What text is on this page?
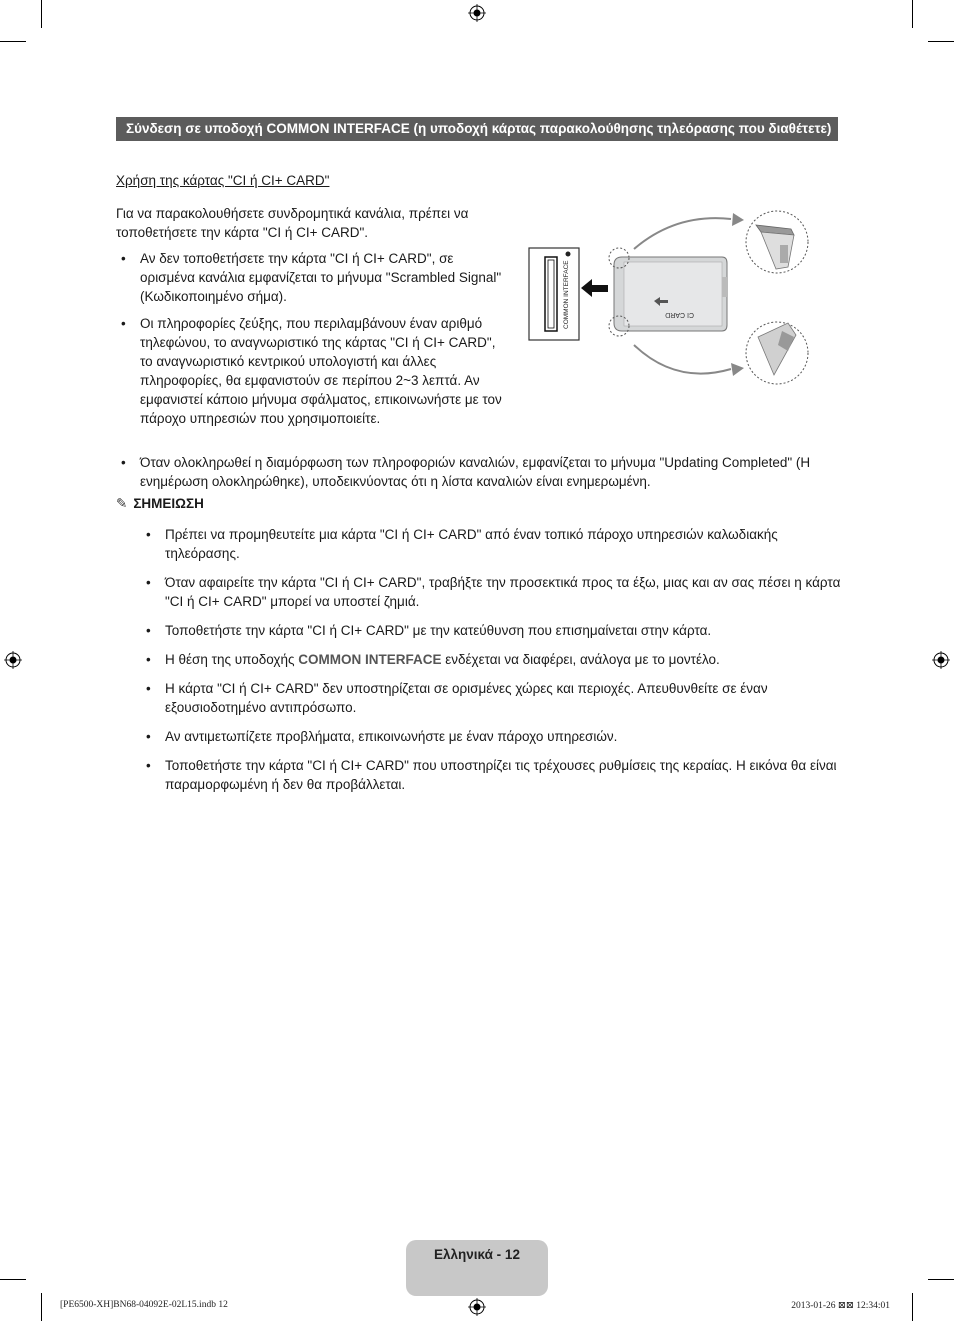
Σύνδεση σε υποδοχή COMMON INTERFACE (η υποδοχή κάρτας παρακολούθησης τηλεόρασης που διαθέτετε)
Χρήση της κάρτας "CI ή CI+ CARD"
Για να παρακολουθήσετε συνδρομητικά κανάλια, πρέπει να τοποθετήσετε την κάρτα "CI ή CI+ CARD".
• Αν δεν τοποθετήσετε την κάρτα "CI ή CI+ CARD", σε ορισμένα κανάλια εμφανίζεται το μήνυμα "Scrambled Signal" (Κωδικοποιημένο σήμα).
• Οι πληροφορίες ζεύξης, που περιλαμβάνουν έναν αριθμό τηλεφώνου, το αναγνωριστικό της κάρτας "CI ή CI+ CARD", το αναγνωριστικό κεντρικού υπολογιστή και άλλες πληροφορίες, θα εμφανιστούν σε περίπου 2~3 λεπτά. Αν εμφανιστεί κάποιο μήνυμα σφάλματος, επικοινωνήστε με τον πάροχο υπηρεσιών που χρησιμοποιείτε.
• Όταν ολοκληρωθεί η διαμόρφωση των πληροφοριών καναλιών, εμφανίζεται το μήνυμα "Updating Completed" (Η ενημέρωση ολοκληρώθηκε), υποδεικνύοντας ότι η λίστα καναλιών είναι ενημερωμένη.
COMMON INTERFACE	CI CARD
✎ ΣΗΜΕΙΩΣΗ
• Πρέπει να προμηθευτείτε μια κάρτα "CI ή CI+ CARD" από έναν τοπικό πάροχο υπηρεσιών καλωδιακής τηλεόρασης.
• Όταν αφαιρείτε την κάρτα "CI ή CI+ CARD", τραβήξτε την προσεκτικά προς τα έξω, μιας και αν σας πέσει η κάρτα "CI ή CI+ CARD" μπορεί να υποστεί ζημιά.
• Τοποθετήστε την κάρτα "CI ή CI+ CARD" με την κατεύθυνση που επισημαίνεται στην κάρτα.
• Η θέση της υποδοχής COMMON INTERFACE ενδέχεται να διαφέρει, ανάλογα με το μοντέλο.
• Η κάρτα "CI ή CI+ CARD" δεν υποστηρίζεται σε ορισμένες χώρες και περιοχές. Απευθυνθείτε σε έναν εξουσιοδοτημένο αντιπρόσωπο.
• Αν αντιμετωπίζετε προβλήματα, επικοινωνήστε με έναν πάροχο υπηρεσιών.
• Τοποθετήστε την κάρτα "CI ή CI+ CARD" που υποστηρίζει τις τρέχουσες ρυθμίσεις της κεραίας. Η εικόνα θα είναι παραμορφωμένη ή δεν θα προβάλλεται.
Ελληνικά - 12
[PE6500-XH]BN68-04092E-02L15.indb 12	2013-01-26 ⊠⊠ 12:34:01
